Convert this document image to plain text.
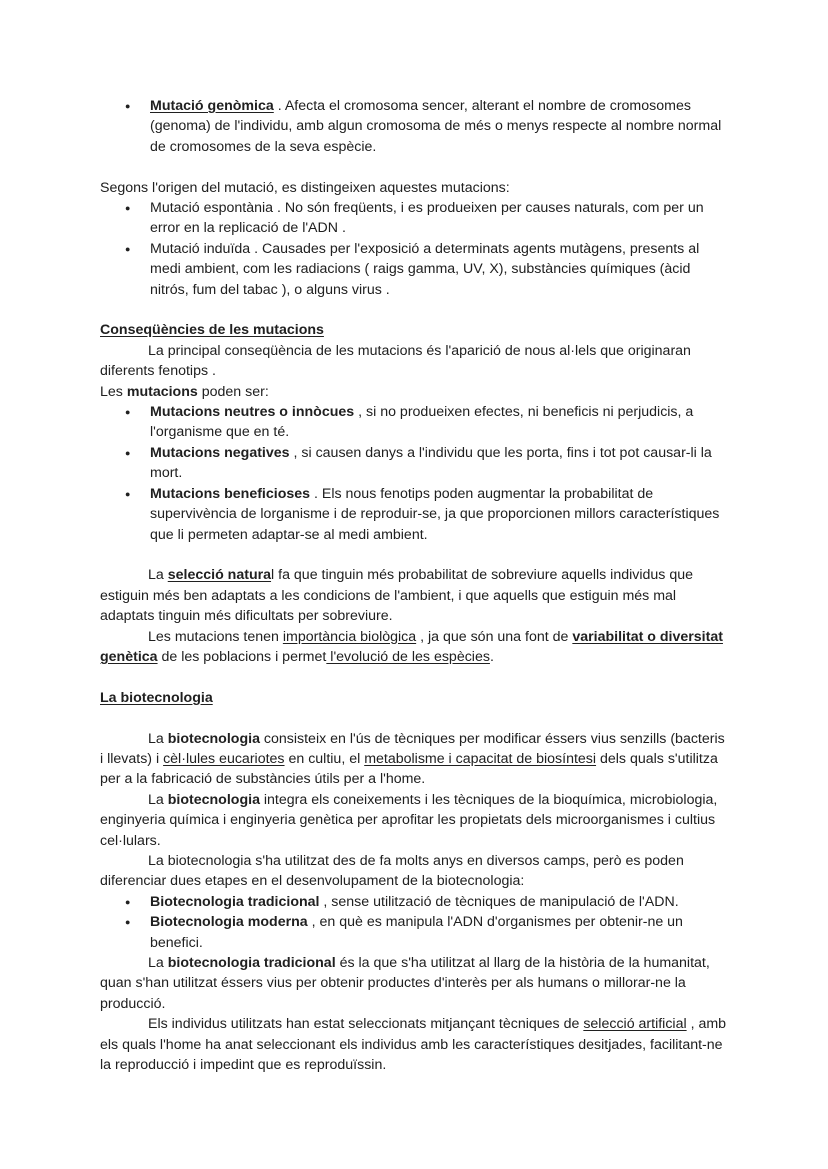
● Mutació genòmica . Afecta el cromosoma sencer, alterant el nombre de cromosomes (genoma) de l'individu, amb algun cromosoma de més o menys respecte al nombre normal de cromosomes de la seva espècie.

Segons l'origen del mutació, es distingeixen aquestes mutacions:

● Mutació espontània . No són freqüents, i es produeixen per causes naturals, com per un error en la replicació de l'ADN .
● Mutació induïda . Causades per l'exposició a determinats agents mutàgens, presents al medi ambient, com les radiacions ( raigs gamma, UV, X), substàncies químiques (àcid nitrós, fum del tabac ), o alguns virus .

Conseqüències de les mutacions

La principal conseqüència de les mutacions és l'aparició de nous al·lels que originaran diferents fenotips .

Les mutacions poden ser:

● Mutacions neutres o innòcues , si no produeixen efectes, ni beneficis ni perjudicis, a l'organisme que en té.
● Mutacions negatives , si causen danys a l'individu que les porta, fins i tot pot causar-li la mort.
● Mutacions beneficioses . Els nous fenotips poden augmentar la probabilitat de supervivència de lorganisme i de reproduir-se, ja que proporcionen millors característiques que li permeten adaptar-se al medi ambient.

La selecció natural fa que tinguin més probabilitat de sobreviure aquells individus que estiguin més ben adaptats a les condicions de l'ambient, i que aquells que estiguin més mal adaptats tinguin més dificultats per sobreviure.

Les mutacions tenen importància biològica , ja que són una font de variabilitat o diversitat genètica de les poblacions i permet l'evolució de les espècies.

La biotecnologia

La biotecnologia consisteix en l'ús de tècniques per modificar éssers vius senzills (bacteris i llevats) i cèl·lules eucariotes en cultiu, el metabolisme i capacitat de biosíntesi dels quals s'utilitza per a la fabricació de substàncies útils per a l'home.

La biotecnologia integra els coneixements i les tècniques de la bioquímica, microbiologia, enginyeria química i enginyeria genètica per aprofitar les propietats dels microorganismes i cultius cel·lulars.

La biotecnologia s'ha utilitzat des de fa molts anys en diversos camps, però es poden diferenciar dues etapes en el desenvolupament de la biotecnologia:

● Biotecnologia tradicional , sense utilització de tècniques de manipulació de l'ADN.
● Biotecnologia moderna , en què es manipula l'ADN d'organismes per obtenir-ne un benefici.

La biotecnologia tradicional és la que s'ha utilitzat al llarg de la història de la humanitat, quan s'han utilitzat éssers vius per obtenir productes d'interès per als humans o millorar-ne la producció.

Els individus utilitzats han estat seleccionats mitjançant tècniques de selecció artificial , amb els quals l'home ha anat seleccionant els individus amb les característiques desitjades, facilitant-ne la reproducció i impedint que es reproduïssin.
